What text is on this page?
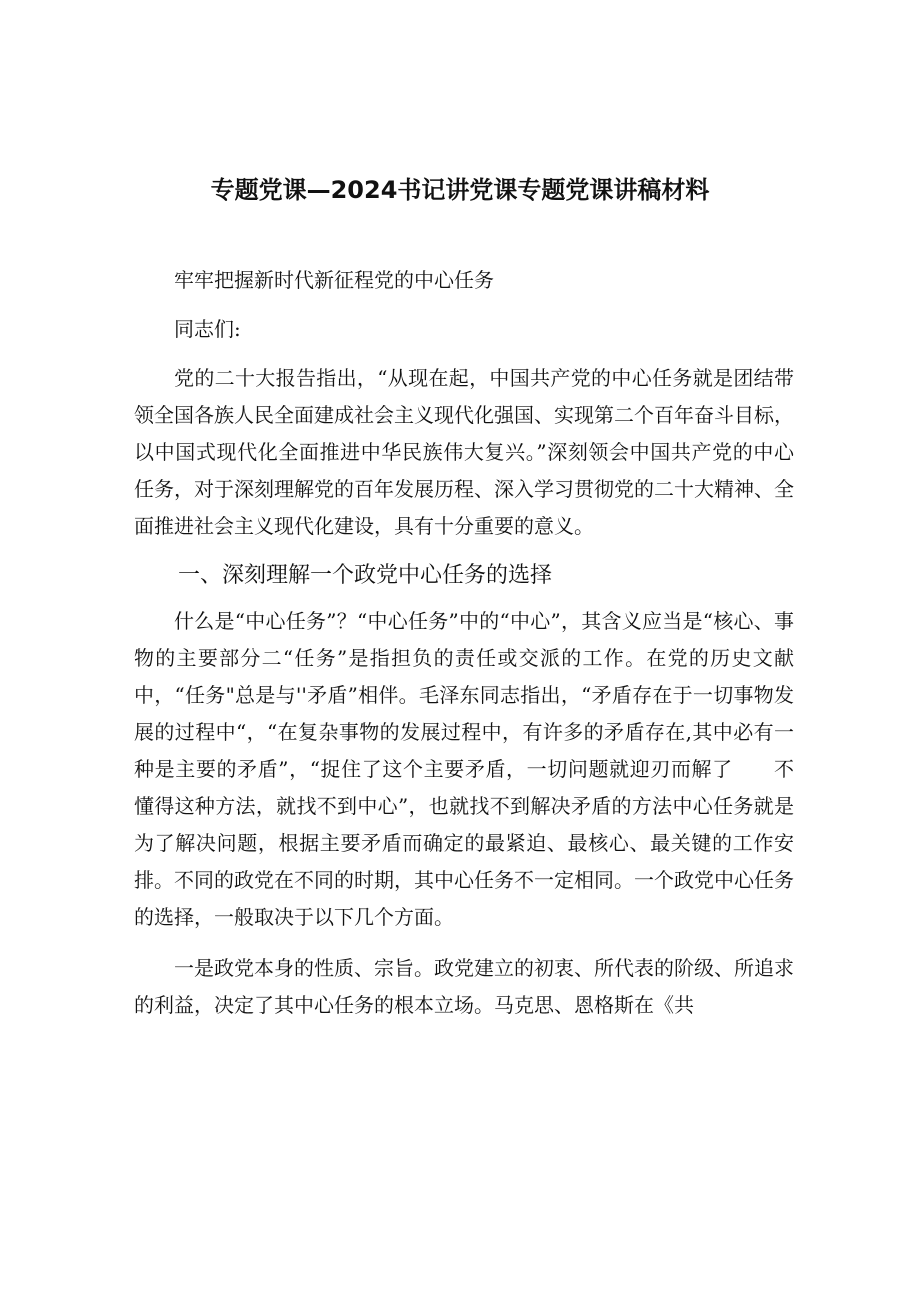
专题党课—2024书记讲党课专题党课讲稿材料

牢牢把握新时代新征程党的中心任务

同志们:

党的二十大报告指出，“从现在起，中国共产党的中心任务就是团结带领全国各族人民全面建成社会主义现代化强国、实现第二个百年奋斗目标，以中国式现代化全面推进中华民族伟大复兴。”深刻领会中国共产党的中心任务，对于深刻理解党的百年发展历程、深入学习贯彻党的二十大精神、全面推进社会主义现代化建设，具有十分重要的意义。

一、深刻理解一个政党中心任务的选择

什么是“中心任务”？“中心任务”中的“中心”，其含义应当是“核心、事物的主要部分二“任务”是指担负的责任或交派的工作。在党的历史文献中，“任务"总是与''矛盾”相伴。毛泽东同志指出，“矛盾存在于一切事物发展的过程中“，“在复杂事物的发展过程中，有许多的矛盾存在,其中必有一种是主要的矛盾”，“捉住了这个主要矛盾，一切问题就迎刃而解了　　不懂得这种方法，就找不到中心”，也就找不到解决矛盾的方法中心任务就是为了解决问题，根据主要矛盾而确定的最紧迫、最核心、最关键的工作安排。不同的政党在不同的时期，其中心任务不一定相同。一个政党中心任务的选择，一般取决于以下几个方面。

一是政党本身的性质、宗旨。政党建立的初衷、所代表的阶级、所追求的利益，决定了其中心任务的根本立场。马克思、恩格斯在《共
